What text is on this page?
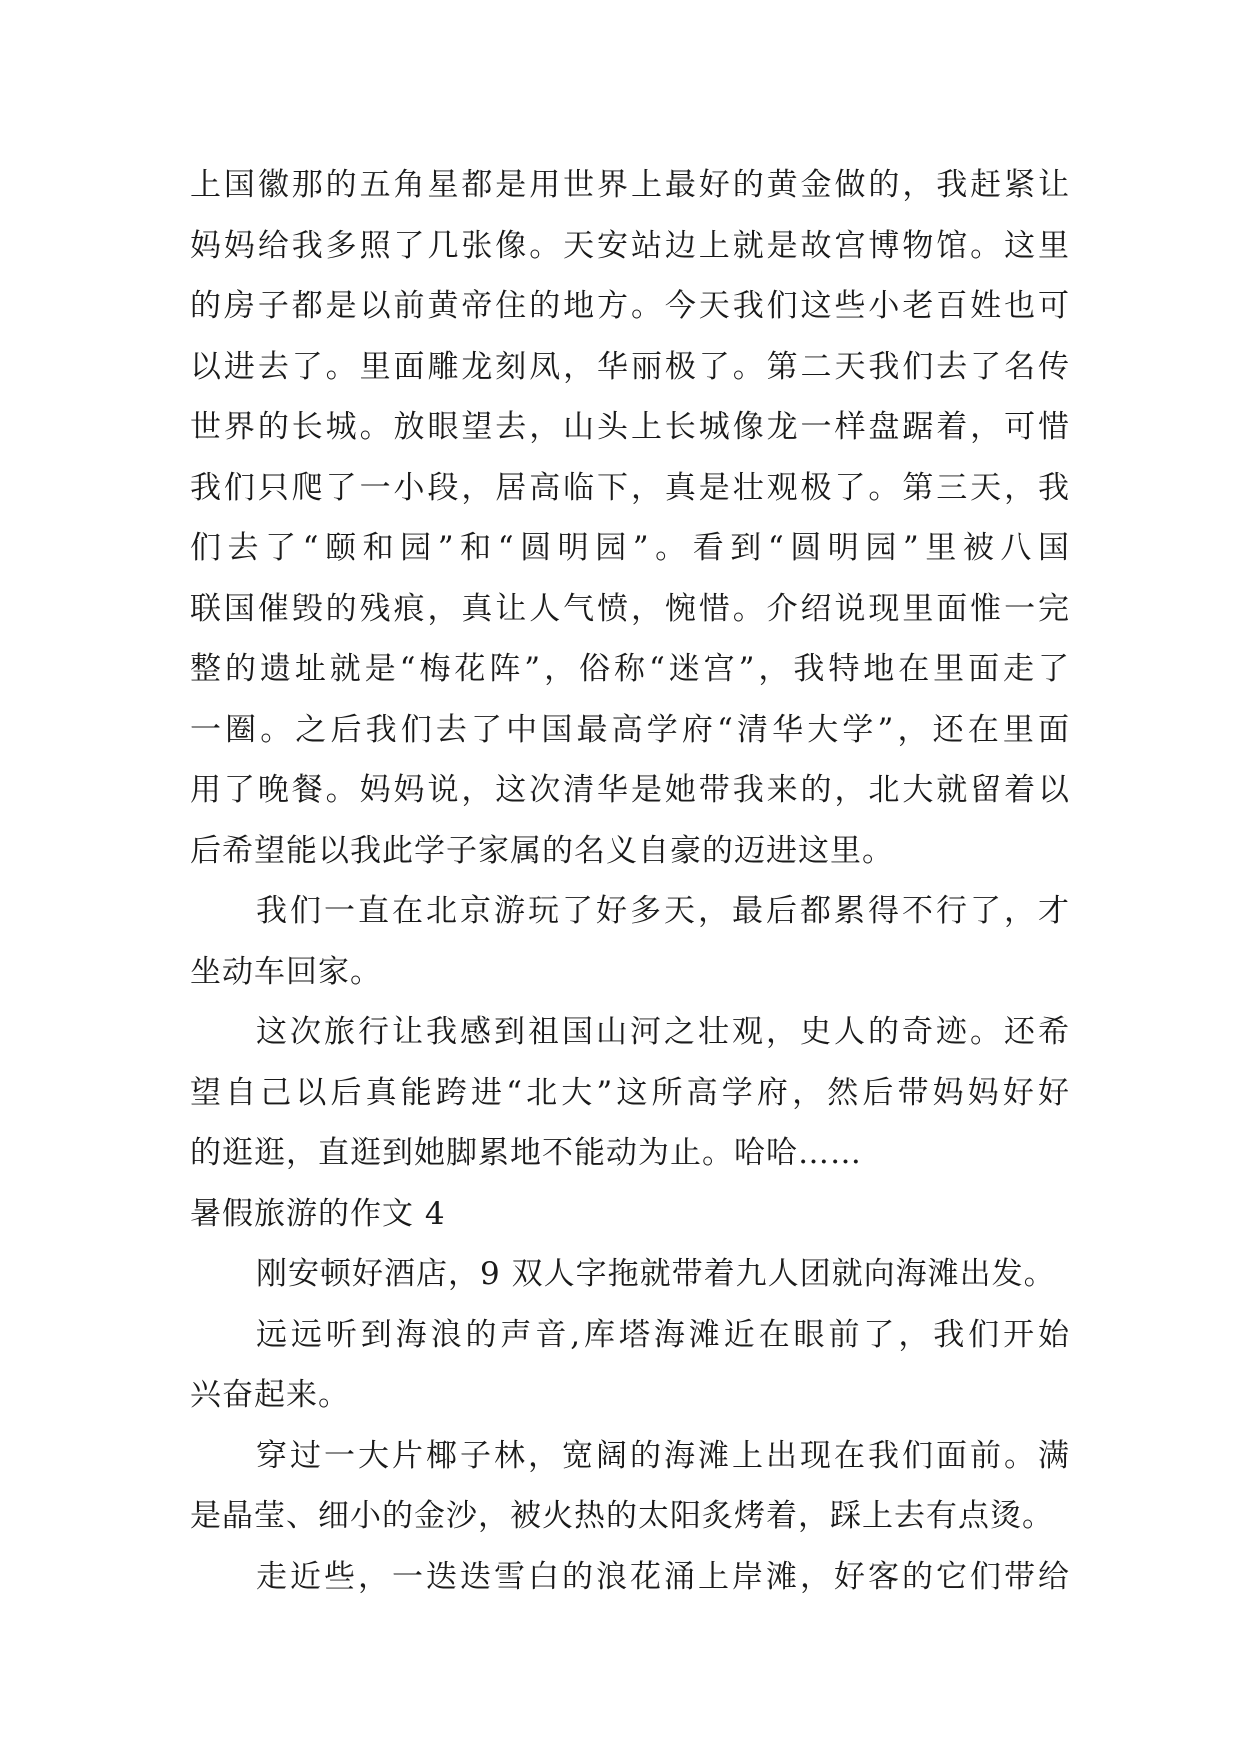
上国徽那的五角星都是用世界上最好的黄金做的，我赶紧让
妈妈给我多照了几张像。天安站边上就是故宫博物馆。这里
的房子都是以前黄帝住的地方。今天我们这些小老百姓也可
以进去了。里面雕龙刻凤，华丽极了。第二天我们去了名传
世界的长城。放眼望去，山头上长城像龙一样盘踞着，可惜
我们只爬了一小段，居高临下，真是壮观极了。第三天，我
们去了“颐和园”和“圆明园”。看到“圆明园”里被八国
联国催毁的残痕，真让人气愤，惋惜。介绍说现里面惟一完
整的遗址就是“梅花阵”，俗称“迷宫”，我特地在里面走了
一圈。之后我们去了中国最高学府“清华大学”，还在里面
用了晚餐。妈妈说，这次清华是她带我来的，北大就留着以
后希望能以我此学子家属的名义自豪的迈进这里。
我们一直在北京游玩了好多天，最后都累得不行了，才
坐动车回家。
这次旅行让我感到祖国山河之壮观，史人的奇迹。还希
望自己以后真能跨进“北大”这所高学府，然后带妈妈好好
的逛逛，直逛到她脚累地不能动为止。哈哈……
暑假旅游的作文 4
刚安顿好酒店，9 双人字拖就带着九人团就向海滩出发。
远远听到海浪的声音,库塔海滩近在眼前了，我们开始
兴奋起来。
穿过一大片椰子林，宽阔的海滩上出现在我们面前。满
是晶莹、细小的金沙，被火热的太阳炙烤着，踩上去有点烫。
走近些，一迭迭雪白的浪花涌上岸滩，好客的它们带给
